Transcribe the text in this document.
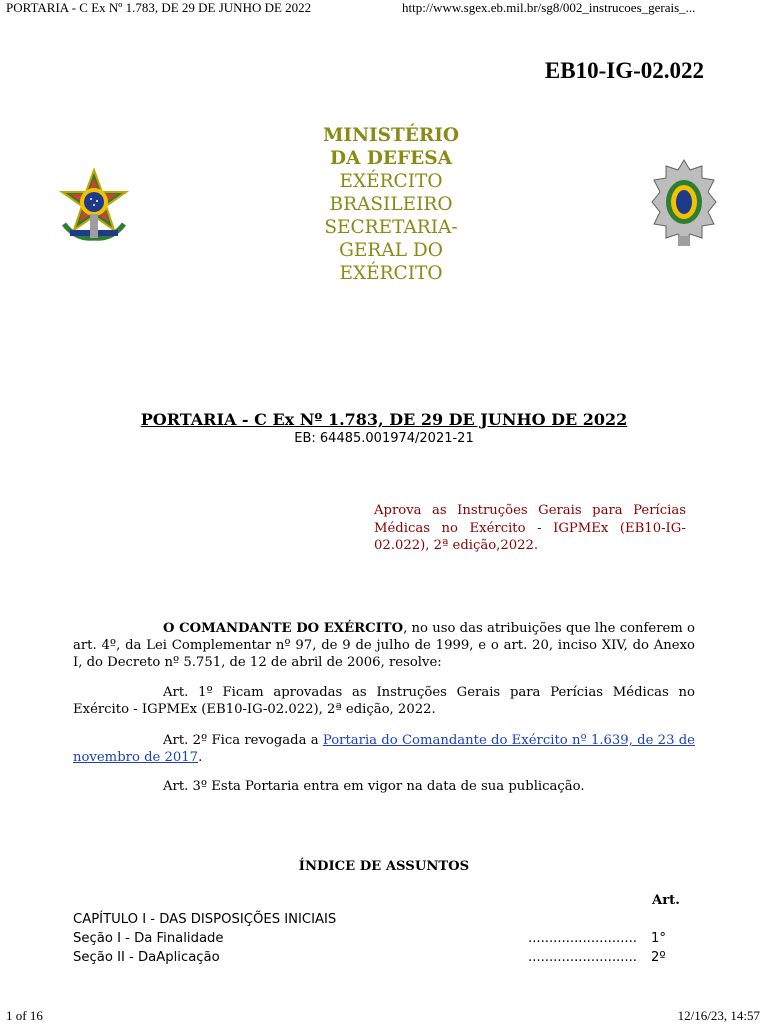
PORTARIA - C Ex Nº 1.783, DE 29 DE JUNHO DE 2022	http://www.sgex.eb.mil.br/sg8/002_instrucoes_gerais_...
EB10-IG-02.022
MINISTÉRIO
DA DEFESA
EXÉRCITO
BRASILEIRO
SECRETARIA-
GERAL DO
EXÉRCITO
PORTARIA - C Ex Nº 1.783, DE 29 DE JUNHO DE 2022
EB: 64485.001974/2021-21
Aprova as Instruções Gerais para Perícias Médicas no Exército - IGPMEx (EB10-IG-02.022), 2ª edição,2022.
O COMANDANTE DO EXÉRCITO, no uso das atribuições que lhe conferem o art. 4º, da Lei Complementar nº 97, de 9 de julho de 1999, e o art. 20, inciso XIV, do Anexo I, do Decreto nº 5.751, de 12 de abril de 2006, resolve:
Art. 1º Ficam aprovadas as Instruções Gerais para Perícias Médicas no Exército - IGPMEx (EB10-IG-02.022), 2ª edição, 2022.
Art. 2º Fica revogada a Portaria do Comandante do Exército nº 1.639, de 23 de novembro de 2017.
Art. 3º Esta Portaria entra em vigor na data de sua publicação.
ÍNDICE DE ASSUNTOS
Art.
CAPÍTULO I - DAS DISPOSIÇÕES INICIAIS
Seção I - Da Finalidade	.......................... 1°
Seção II - DaAplicação	.......................... 2º
1 of 16	12/16/23, 14:57
